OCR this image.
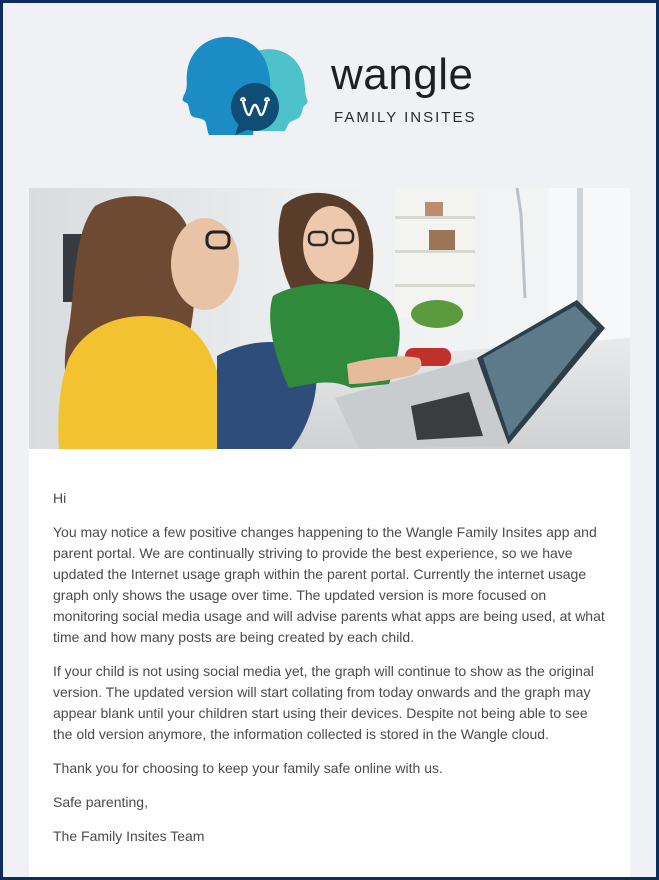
wangle
FAMILY INSITES

Hi

You may notice a few positive changes happening to the Wangle Family Insites app and parent portal. We are continually striving to provide the best experience, so we have updated the Internet usage graph within the parent portal. Currently the internet usage graph only shows the usage over time. The updated version is more focused on monitoring social media usage and will advise parents what apps are being used, at what time and how many posts are being created by each child.

If your child is not using social media yet, the graph will continue to show as the original version. The updated version will start collating from today onwards and the graph may appear blank until your children start using their devices. Despite not being able to see the old version anymore, the information collected is stored in the Wangle cloud.

Thank you for choosing to keep your family safe online with us.

Safe parenting,

The Family Insites Team
